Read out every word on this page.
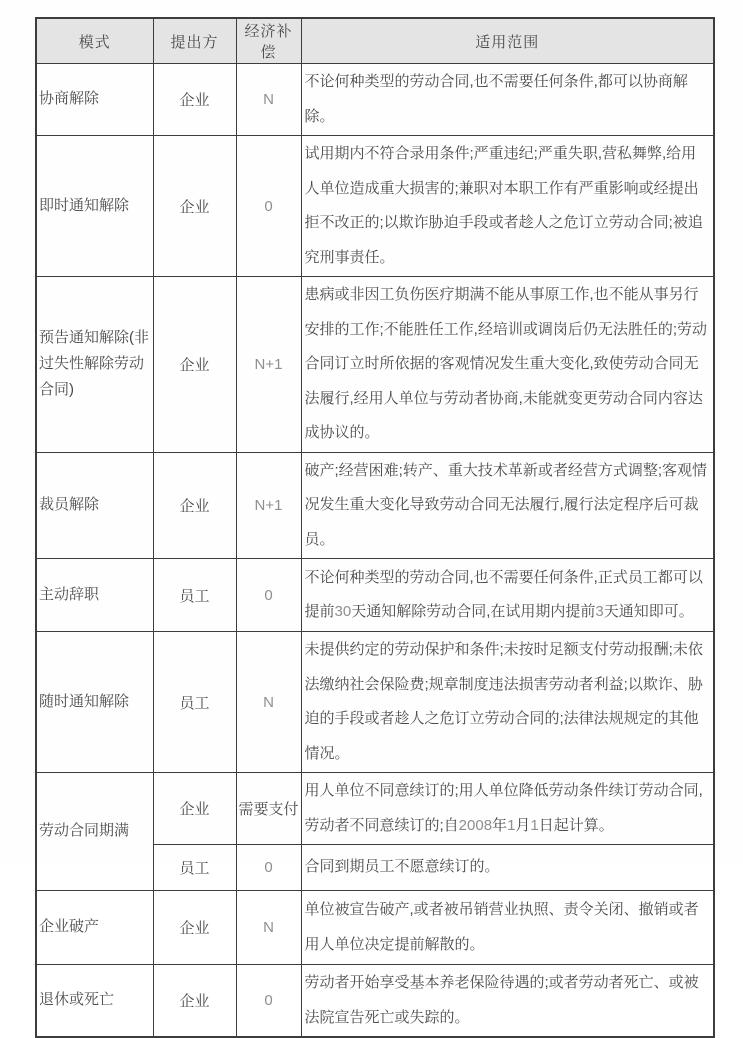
模式	提出方	经济补偿	适用范围
协商解除	企业	N	不论何种类型的劳动合同,也不需要任何条件,都可以协商解除。
即时通知解除	企业	0	试用期内不符合录用条件;严重违纪;严重失职,营私舞弊,给用人单位造成重大损害的;兼职对本职工作有严重影响或经提出拒不改正的;以欺诈胁迫手段或者趁人之危订立劳动合同;被追究刑事责任。
预告通知解除(非过失性解除劳动合同)	企业	N+1	患病或非因工负伤医疗期满不能从事原工作,也不能从事另行安排的工作;不能胜任工作,经培训或调岗后仍无法胜任的;劳动合同订立时所依据的客观情况发生重大变化,致使劳动合同无法履行,经用人单位与劳动者协商,未能就变更劳动合同内容达成协议的。
裁员解除	企业	N+1	破产;经营困难;转产、重大技术革新或者经营方式调整;客观情况发生重大变化导致劳动合同无法履行,履行法定程序后可裁员。
主动辞职	员工	0	不论何种类型的劳动合同,也不需要任何条件,正式员工都可以提前30天通知解除劳动合同,在试用期内提前3天通知即可。
随时通知解除	员工	N	未提供约定的劳动保护和条件;未按时足额支付劳动报酬;未依法缴纳社会保险费;规章制度违法损害劳动者利益;以欺诈、胁迫的手段或者趁人之危订立劳动合同的;法律法规规定的其他情况。
劳动合同期满	企业	需要支付	用人单位不同意续订的;用人单位降低劳动条件续订劳动合同,劳动者不同意续订的;自2008年1月1日起计算。
	员工	0	合同到期员工不愿意续订的。
企业破产	企业	N	单位被宣告破产,或者被吊销营业执照、责令关闭、撤销或者用人单位决定提前解散的。
退休或死亡	企业	0	劳动者开始享受基本养老保险待遇的;或者劳动者死亡、或被法院宣告死亡或失踪的。
